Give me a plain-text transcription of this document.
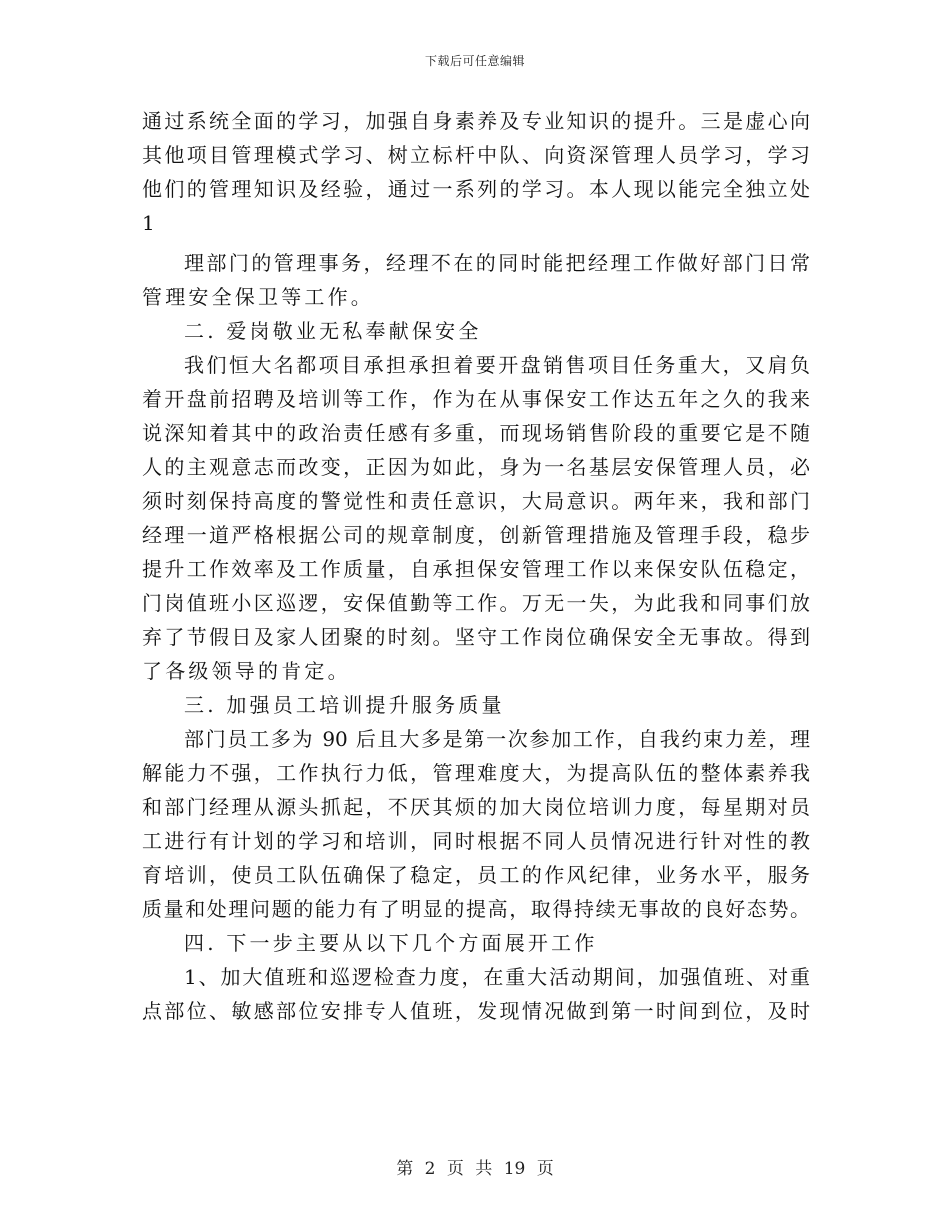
下载后可任意编辑
通过系统全面的学习，加强自身素养及专业知识的提升。三是虚心向
其他项目管理模式学习、树立标杆中队、向资深管理人员学习，学习
他们的管理知识及经验，通过一系列的学习。本人现以能完全独立处
1
理部门的管理事务，经理不在的同时能把经理工作做好部门日常
管理安全保卫等工作。
二. 爱岗敬业无私奉献保安全
我们恒大名都项目承担承担着要开盘销售项目任务重大，又肩负
着开盘前招聘及培训等工作，作为在从事保安工作达五年之久的我来
说深知着其中的政治责任感有多重，而现场销售阶段的重要它是不随
人的主观意志而改变，正因为如此，身为一名基层安保管理人员，必
须时刻保持高度的警觉性和责任意识，大局意识。两年来，我和部门
经理一道严格根据公司的规章制度，创新管理措施及管理手段，稳步
提升工作效率及工作质量，自承担保安管理工作以来保安队伍稳定，
门岗值班小区巡逻，安保值勤等工作。万无一失，为此我和同事们放
弃了节假日及家人团聚的时刻。坚守工作岗位确保安全无事故。得到
了各级领导的肯定。
三. 加强员工培训提升服务质量
部门员工多为 90 后且大多是第一次参加工作，自我约束力差，理
解能力不强，工作执行力低，管理难度大，为提高队伍的整体素养我
和部门经理从源头抓起，不厌其烦的加大岗位培训力度，每星期对员
工进行有计划的学习和培训，同时根据不同人员情况进行针对性的教
育培训，使员工队伍确保了稳定，员工的作风纪律，业务水平，服务
质量和处理问题的能力有了明显的提高，取得持续无事故的良好态势。
四. 下一步主要从以下几个方面展开工作
1、加大值班和巡逻检查力度，在重大活动期间，加强值班、对重
点部位、敏感部位安排专人值班，发现情况做到第一时间到位，及时
第 2 页 共 19 页
